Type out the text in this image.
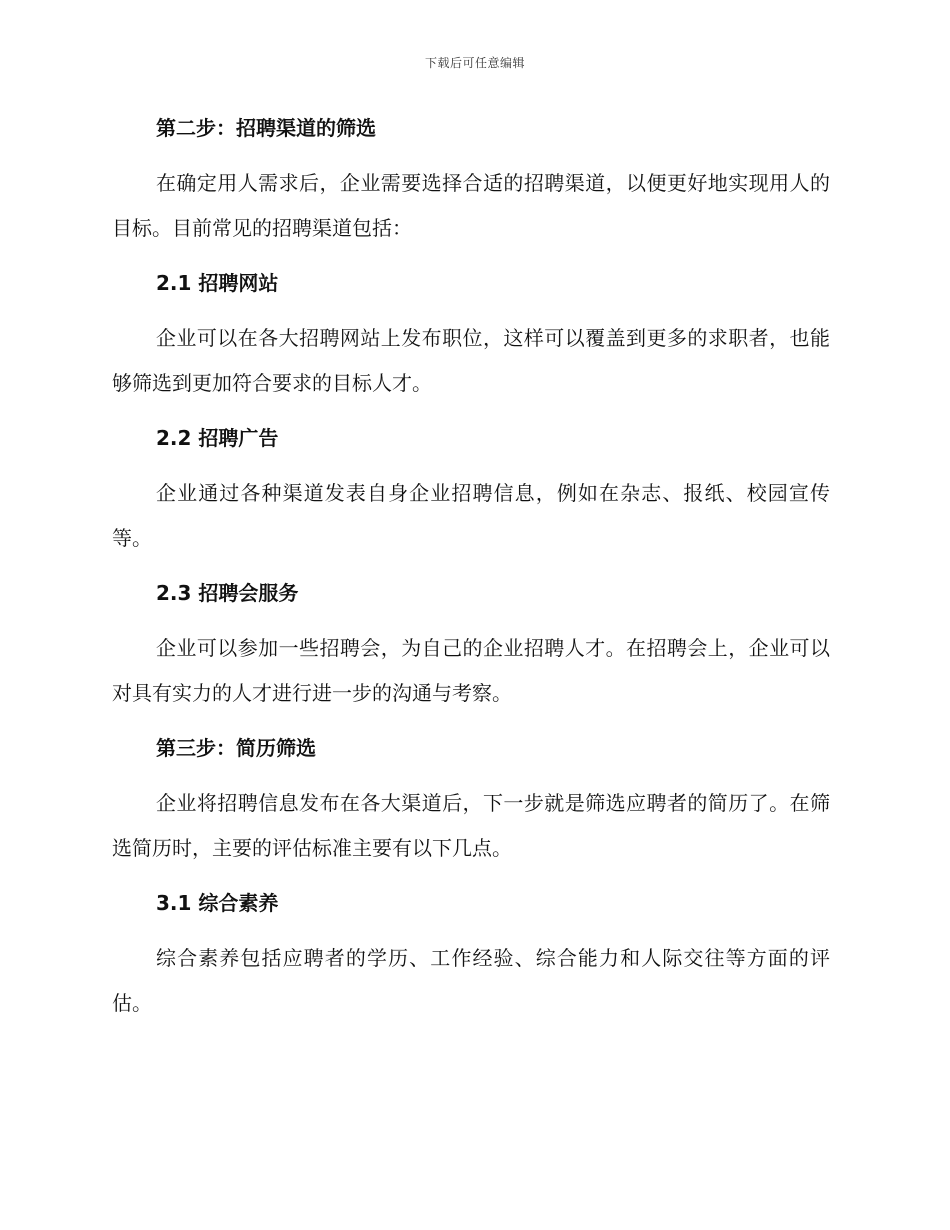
下载后可任意编辑
第二步：招聘渠道的筛选

在确定用人需求后，企业需要选择合适的招聘渠道，以便更好地实现用人的目标。目前常见的招聘渠道包括：

2.1 招聘网站

企业可以在各大招聘网站上发布职位，这样可以覆盖到更多的求职者，也能够筛选到更加符合要求的目标人才。

2.2 招聘广告

企业通过各种渠道发表自身企业招聘信息，例如在杂志、报纸、校园宣传等。

2.3 招聘会服务

企业可以参加一些招聘会，为自己的企业招聘人才。在招聘会上，企业可以对具有实力的人才进行进一步的沟通与考察。

第三步：简历筛选

企业将招聘信息发布在各大渠道后，下一步就是筛选应聘者的简历了。在筛选简历时，主要的评估标准主要有以下几点。

3.1 综合素养

综合素养包括应聘者的学历、工作经验、综合能力和人际交往等方面的评估。
